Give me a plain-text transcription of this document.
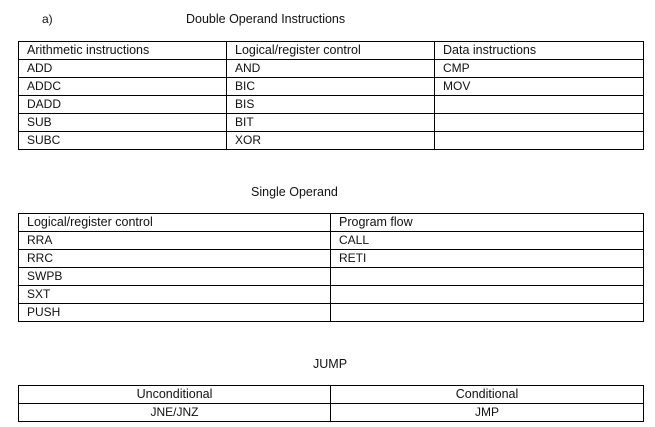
a)	Double Operand Instructions
Arithmetic instructions	Logical/register control	Data instructions
ADD	AND	CMP
ADDC	BIC	MOV
DADD	BIS	
SUB	BIT	
SUBC	XOR	
Single Operand
Logical/register control	Program flow
RRA	CALL
RRC	RETI
SWPB	
SXT	
PUSH	
JUMP
Unconditional	Conditional
JNE/JNZ	JMP
